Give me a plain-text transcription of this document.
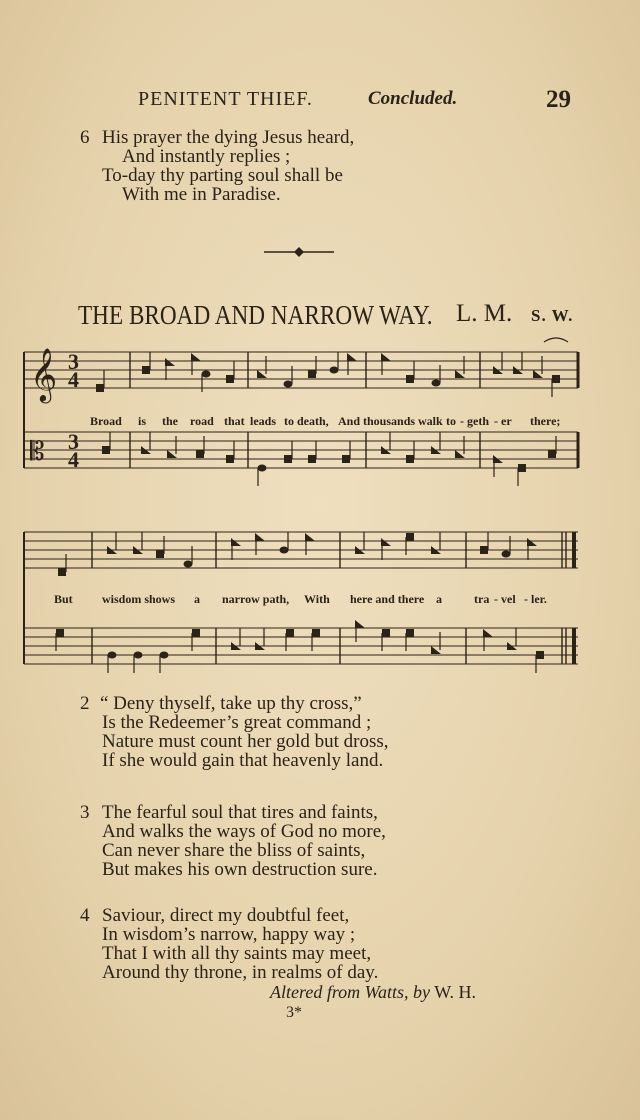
PENITENT THIEF.	Concluded.	29
6 His prayer the dying Jesus heard,
And instantly replies ;
To-day thy parting soul shall be
With me in Paradise.
THE BROAD AND NARROW WAY. L. M. S. W.
𝄞
𝄡
3
3
4
4
Broad is the road that leads to death, And thousands walk to - geth - er there;
But wisdom shows a narrow path, With here and there a	tra - vel - ler.
2 “ Deny thyself, take up thy cross,”
Is the Redeemer’s great command ;
Nature must count her gold but dross,
If she would gain that heavenly land.
3 The fearful soul that tires and faints,
And walks the ways of God no more,
Can never share the bliss of saints,
But makes his own destruction sure.
4 Saviour, direct my doubtful feet,
In wisdom’s narrow, happy way ;
That I with all thy saints may meet,
Around thy throne, in realms of day.
Altered from Watts, by W. H.
3*
